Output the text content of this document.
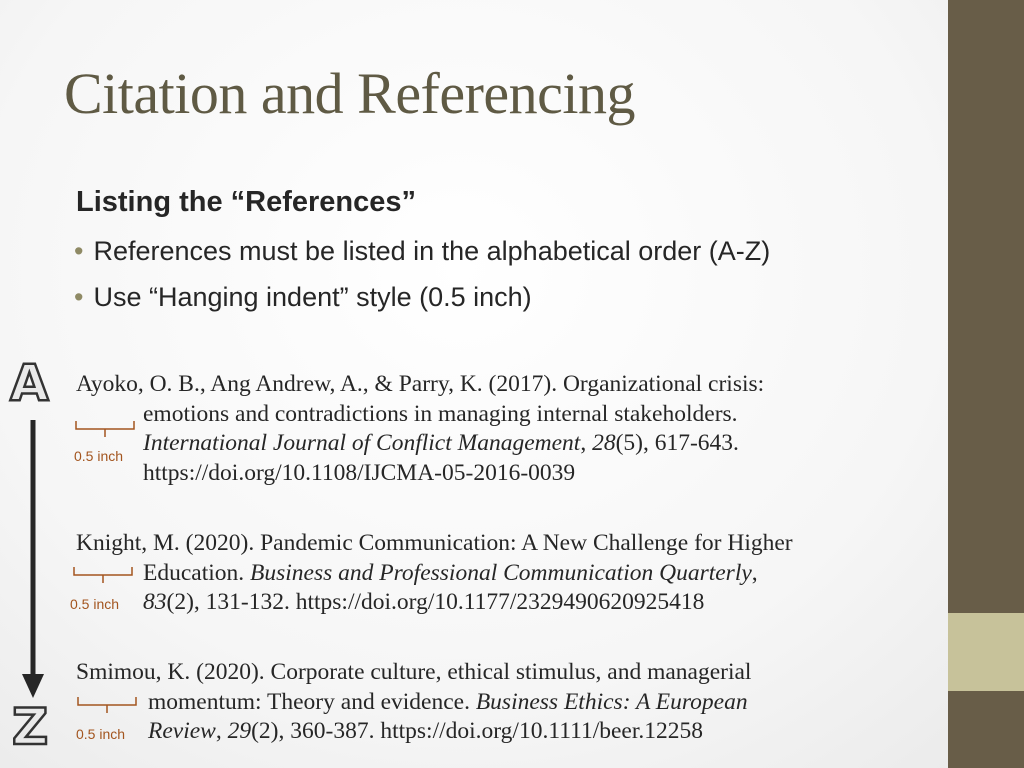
Citation and Referencing
Listing the “References”
• References must be listed in the alphabetical order (A-Z)
• Use “Hanging indent” style (0.5 inch)
A
Z
Ayoko, O. B., Ang Andrew, A., & Parry, K. (2017). Organizational crisis:
emotions and contradictions in managing internal stakeholders.
International Journal of Conflict Management, 28(5), 617-643.
https://doi.org/10.1108/IJCMA-05-2016-0039
0.5 inch
Knight, M. (2020). Pandemic Communication: A New Challenge for Higher
Education. Business and Professional Communication Quarterly,
83(2), 131-132. https://doi.org/10.1177/2329490620925418
0.5 inch
Smimou, K. (2020). Corporate culture, ethical stimulus, and managerial
momentum: Theory and evidence. Business Ethics: A European
Review, 29(2), 360-387. https://doi.org/10.1111/beer.12258
0.5 inch
